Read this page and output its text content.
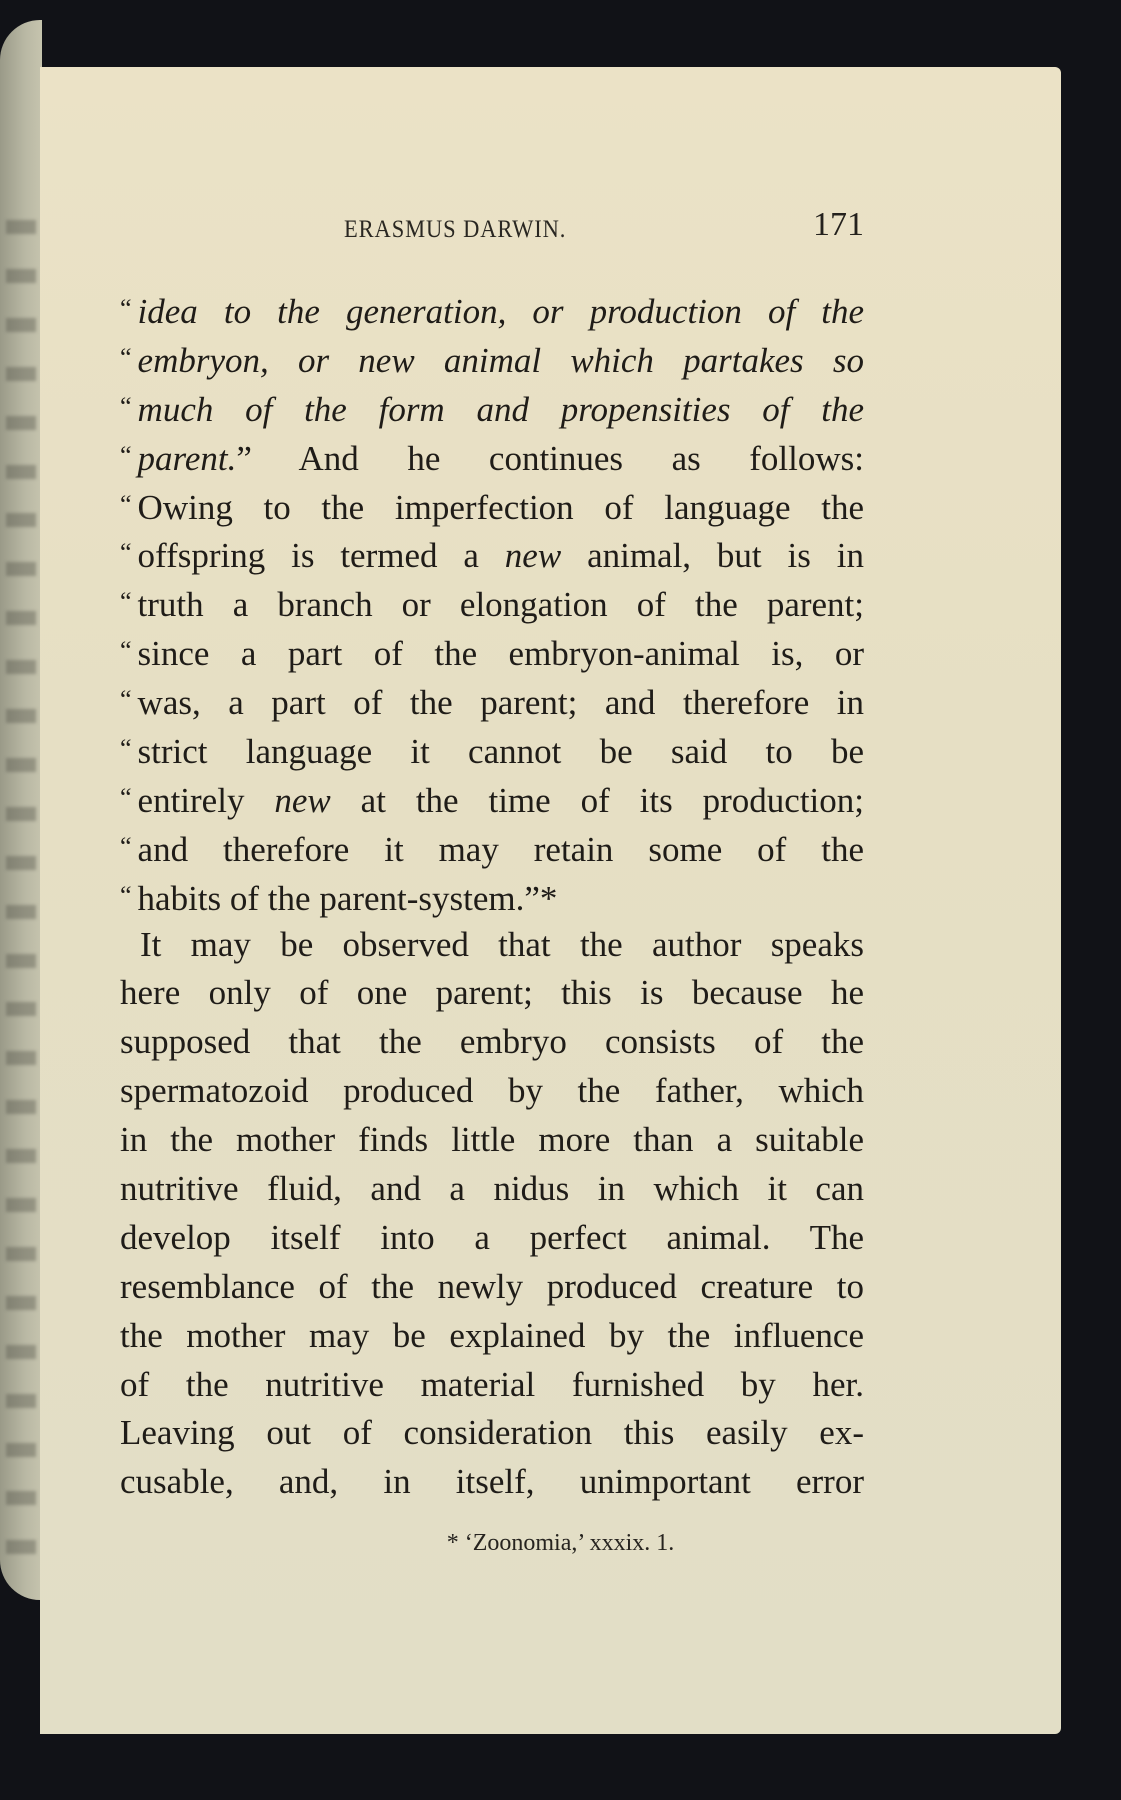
ERASMUS DARWIN.	171
“ idea to the generation, or production of the
“ embryon, or new animal which partakes so
“ much of the form and propensities of the
“ parent.” And he continues as follows:
“ Owing to the imperfection of language the
“ offspring is termed a new animal, but is in
“ truth a branch or elongation of the parent;
“ since a part of the embryon-animal is, or
“ was, a part of the parent; and therefore in
“ strict language it cannot be said to be
“ entirely new at the time of its production;
“ and therefore it may retain some of the
“ habits of the parent-system.”*
It may be observed that the author speaks
here only of one parent; this is because he
supposed that the embryo consists of the
spermatozoid produced by the father, which
in the mother finds little more than a suitable
nutritive fluid, and a nidus in which it can
develop itself into a perfect animal. The
resemblance of the newly produced creature to
the mother may be explained by the influence
of the nutritive material furnished by her.
Leaving out of consideration this easily ex-
cusable, and, in itself, unimportant error
* ‘Zoonomia,’ xxxix. 1.
